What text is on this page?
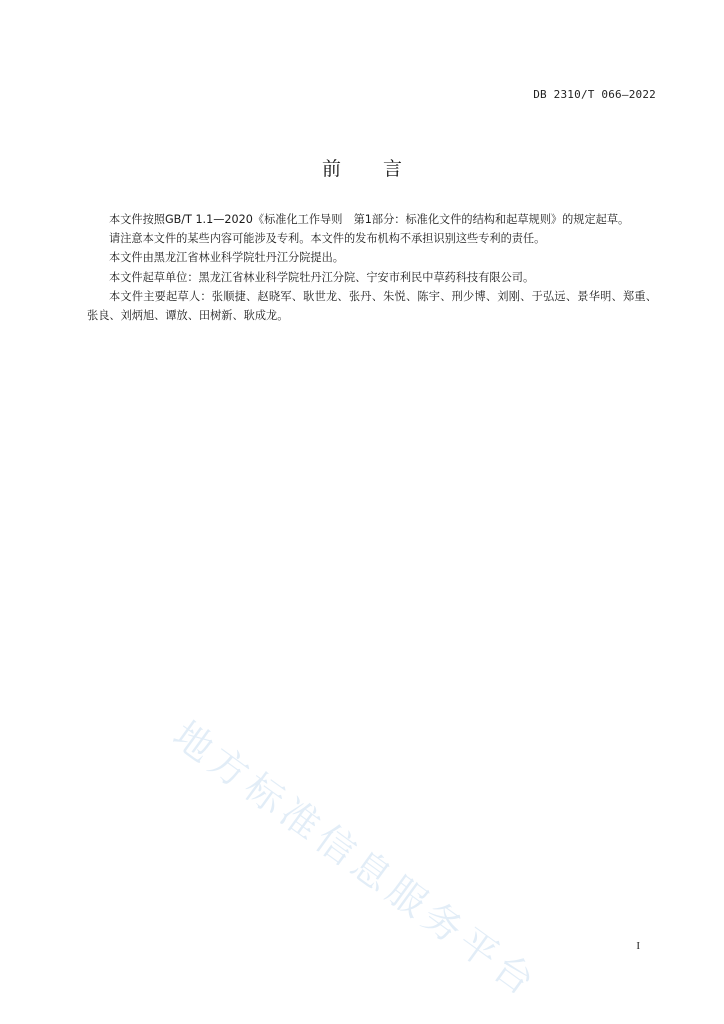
DB 2310/T 066—2022
前 言

本文件按照GB/T 1.1—2020《标准化工作导则　第1部分：标准化文件的结构和起草规则》的规定起草。

请注意本文件的某些内容可能涉及专利。本文件的发布机构不承担识别这些专利的责任。

本文件由黑龙江省林业科学院牡丹江分院提出。

本文件起草单位：黑龙江省林业科学院牡丹江分院、宁安市利民中草药科技有限公司。

本文件主要起草人：张顺捷、赵晓军、耿世龙、张丹、朱悦、陈宇、刑少博、刘刚、于弘远、景华明、郑重、张良、刘炳旭、谭放、田树新、耿成龙。

地方标准信息服务平台	I
